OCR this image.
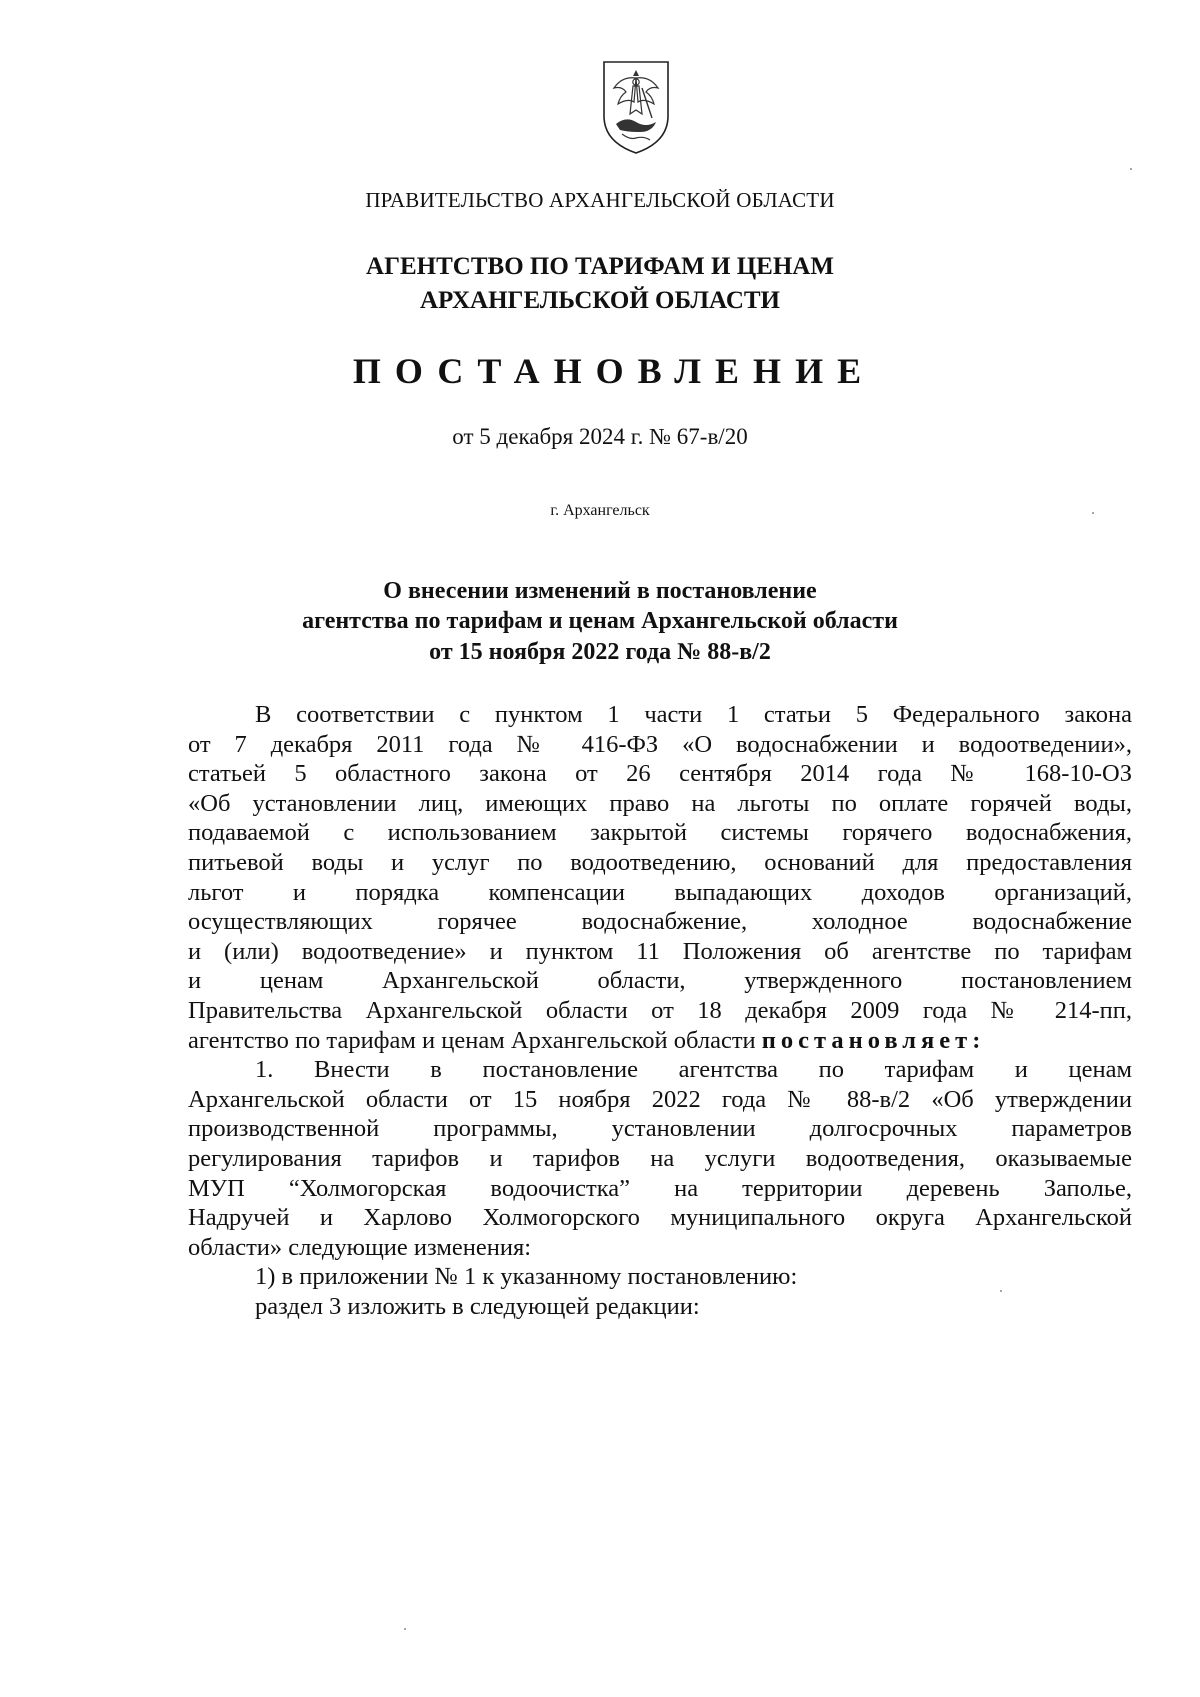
ПРАВИТЕЛЬСТВО АРХАНГЕЛЬСКОЙ ОБЛАСТИ
АГЕНТСТВО ПО ТАРИФАМ И ЦЕНАМ
АРХАНГЕЛЬСКОЙ ОБЛАСТИ
ПОСТАНОВЛЕНИЕ
от 5 декабря 2024 г. № 67-в/20
г. Архангельск
О внесении изменений в постановление
агентства по тарифам и ценам Архангельской области
от 15 ноября 2022 года № 88-в/2
В соответствии с пунктом 1 части 1 статьи 5 Федерального закона
от 7 декабря 2011 года № 416-ФЗ «О водоснабжении и водоотведении»,
статьей 5 областного закона от 26 сентября 2014 года № 168-10-ОЗ
«Об установлении лиц, имеющих право на льготы по оплате горячей воды,
подаваемой с использованием закрытой системы горячего водоснабжения,
питьевой воды и услуг по водоотведению, оснований для предоставления
льгот и порядка компенсации выпадающих доходов организаций,
осуществляющих горячее водоснабжение, холодное водоснабжение
и (или) водоотведение» и пунктом 11 Положения об агентстве по тарифам
и ценам Архангельской области, утвержденного постановлением
Правительства Архангельской области от 18 декабря 2009 года № 214-пп,
агентство по тарифам и ценам Архангельской области постановляет:
1. Внести в постановление агентства по тарифам и ценам
Архангельской области от 15 ноября 2022 года № 88-в/2 «Об утверждении
производственной программы, установлении долгосрочных параметров
регулирования тарифов и тарифов на услуги водоотведения, оказываемые
МУП “Холмогорская водоочистка” на территории деревень Заполье,
Надручей и Харлово Холмогорского муниципального округа Архангельской
области» следующие изменения:
1) в приложении № 1 к указанному постановлению:
раздел 3 изложить в следующей редакции:
